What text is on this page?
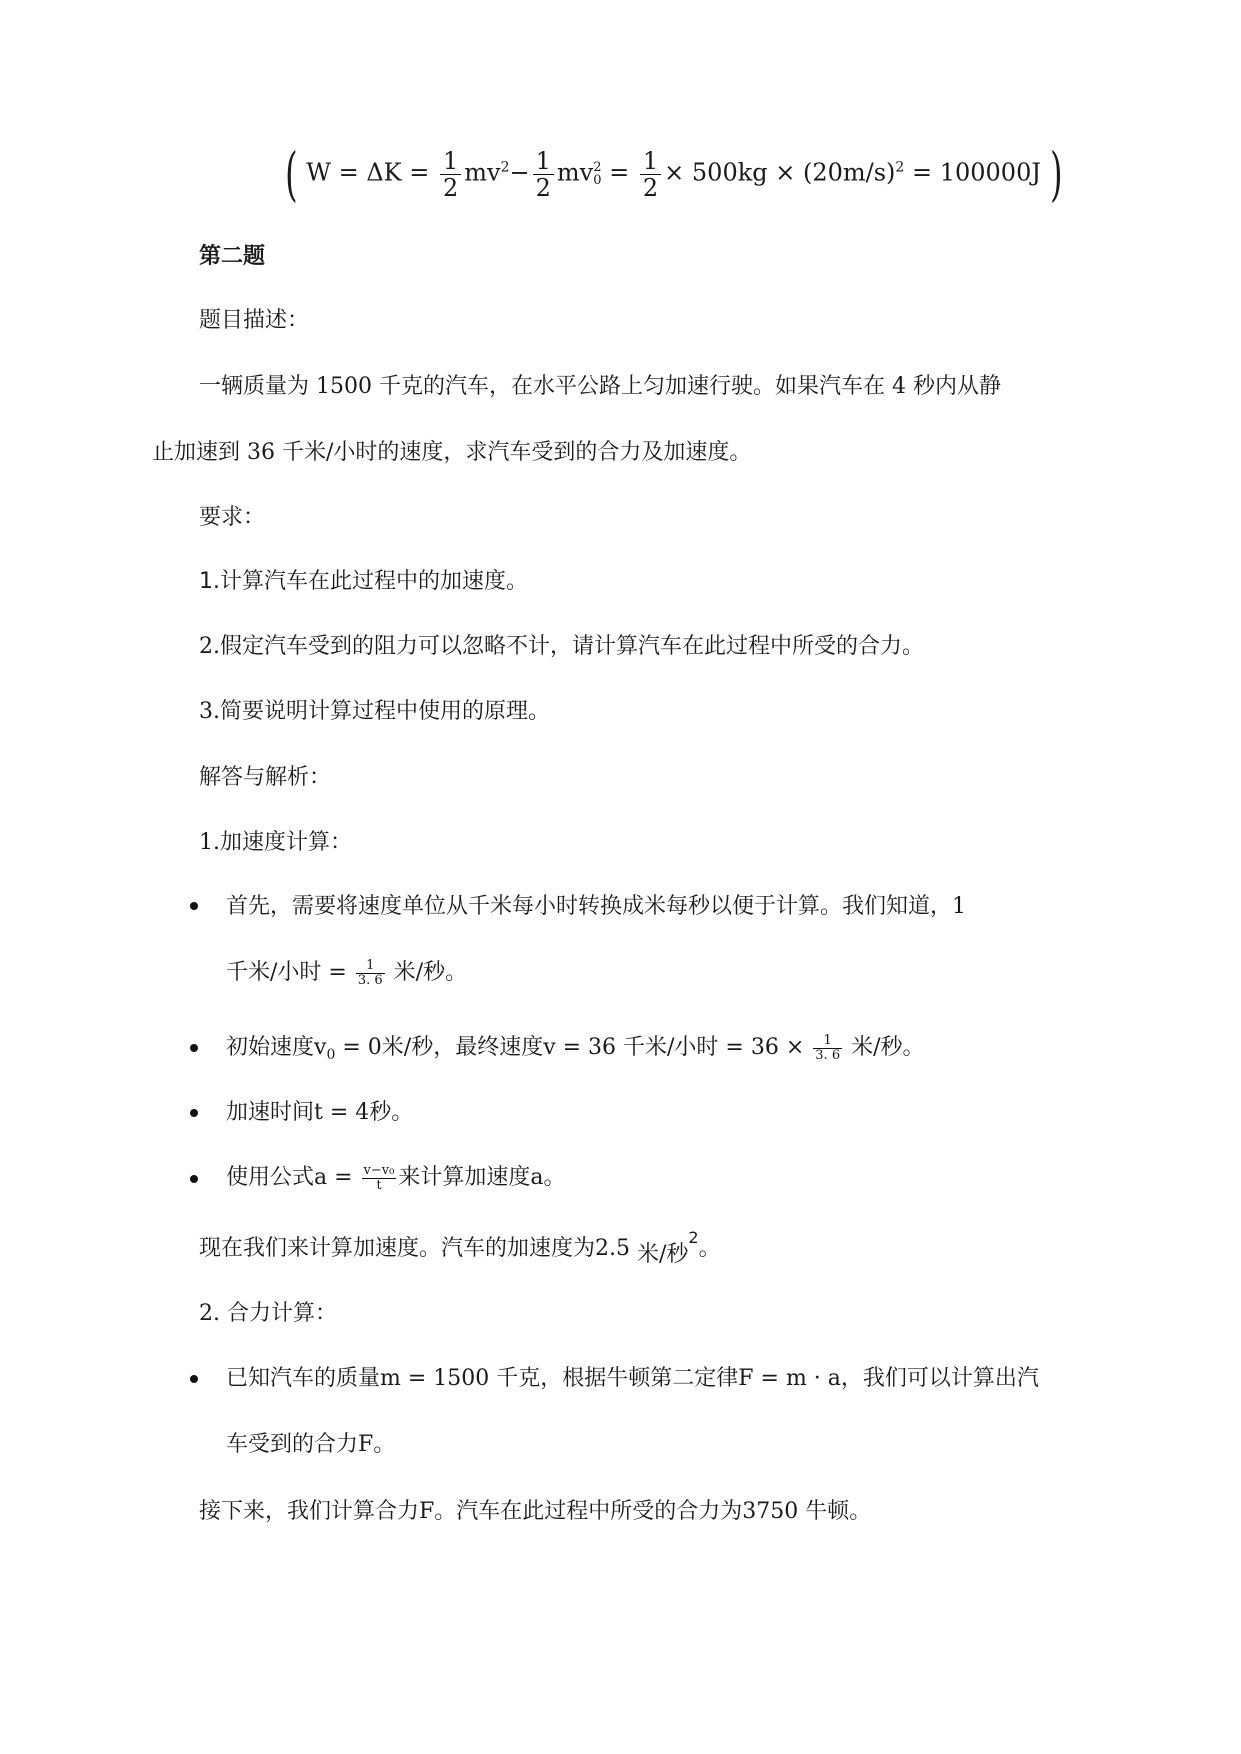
( $W = \Delta K = \frac{1}{2} mv^2- \frac{1}{2}$ mv 2
$0 = \frac{1}{2} \times 500kg \times (20m/s)^2 = 100000J$ )
第二题
题目描述：
一辆质量为 1500 千克的汽车，在水平公路上匀加速行驶。如果汽车在 4 秒内从静
止加速到 36 千米/小时的速度，求汽车受到的合力及加速度。
要求：
1.计算汽车在此过程中的加速度。
2.假定汽车受到的阻力可以忽略不计，请计算汽车在此过程中所受的合力。
3.简要说明计算过程中使用的原理。
解答与解析：
1.加速度计算：
首先，需要将速度单位从千米每小时转换成米每秒以便于计算。我们知道，1
千米/小时 = $\frac{1}{3. 6}$ 米/秒。
初始速度$v_0 = 0$米/秒，最终速度v = 36 千米/小时 = $36 \times \frac{1}{3. 6}$ 米/秒。
加速时间t = 4秒。
使用公式$a = \frac{\text{v−v₀}}{t}$ 来计算加速度a。
现在我们来计算加速度。汽车的加速度为2.5 米/秒$^2$。
2. 合力计算：
已知汽车的质量m = 1500 千克，根据牛顿第二定律F = m · a，我们可以计算出汽
车受到的合力F。
接下来，我们计算合力F。汽车在此过程中所受的合力为3750 牛顿。
